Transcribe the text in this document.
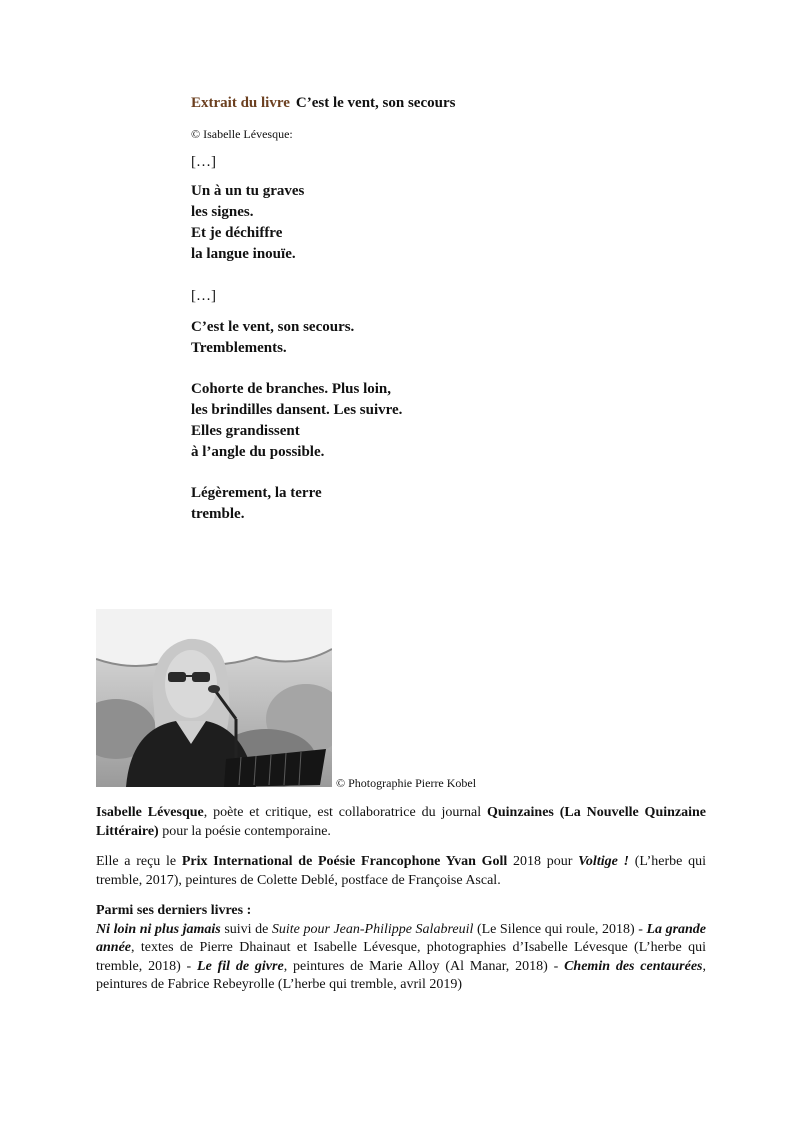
Extrait du livre C’est le vent, son secours
© Isabelle Lévesque:
[…]
Un à un tu graves
les signes.
Et je déchiffre
la langue inouïe.
[…]
C’est le vent, son secours.
Tremblements.
Cohorte de branches. Plus loin,
les brindilles dansent. Les suivre.
Elles grandissent
à l’angle du possible.
Légèrement, la terre
tremble.
© Photographie Pierre Kobel

Isabelle Lévesque, poète et critique, est collaboratrice du journal Quinzaines (La Nouvelle Quinzaine Littéraire) pour la poésie contemporaine.

Elle a reçu le Prix International de Poésie Francophone Yvan Goll 2018 pour Voltige ! (L’herbe qui tremble, 2017), peintures de Colette Deblé, postface de Françoise Ascal.

Parmi ses derniers livres :

Ni loin ni plus jamais suivi de Suite pour Jean-Philippe Salabreuil (Le Silence qui roule, 2018) - La grande année, textes de Pierre Dhainaut et Isabelle Lévesque, photographies d’Isabelle Lévesque (L’herbe qui tremble, 2018) - Le fil de givre, peintures de Marie Alloy (Al Manar, 2018) - Chemin des centaurées, peintures de Fabrice Rebeyrolle (L’herbe qui tremble, avril 2019)
